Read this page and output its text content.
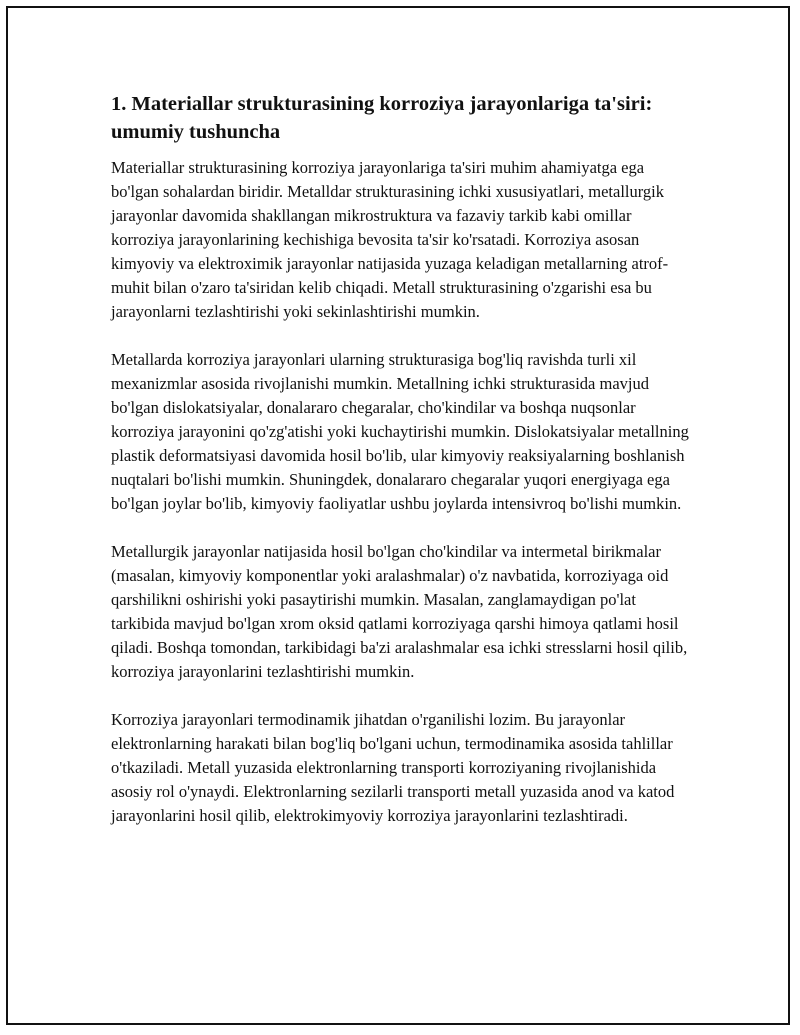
1. Materiallar strukturasining korroziya jarayonlariga ta'siri: umumiy tushuncha

Materiallar strukturasining korroziya jarayonlariga ta'siri muhim ahamiyatga ega bo'lgan sohalardan biridir. Metalldar strukturasining ichki xususiyatlari, metallurgik jarayonlar davomida shakllangan mikrostruktura va fazaviy tarkib kabi omillar korroziya jarayonlarining kechishiga bevosita ta'sir ko'rsatadi. Korroziya asosan kimyoviy va elektroximik jarayonlar natijasida yuzaga keladigan metallarning atrof-muhit bilan o'zaro ta'siridan kelib chiqadi. Metall strukturasining o'zgarishi esa bu jarayonlarni tezlashtirishi yoki sekinlashtirishi mumkin.

Metallarda korroziya jarayonlari ularning strukturasiga bog'liq ravishda turli xil mexanizmlar asosida rivojlanishi mumkin. Metallning ichki strukturasida mavjud bo'lgan dislokatsiyalar, donalararo chegaralar, cho'kindilar va boshqa nuqsonlar korroziya jarayonini qo'zg'atishi yoki kuchaytirishi mumkin. Dislokatsiyalar metallning plastik deformatsiyasi davomida hosil bo'lib, ular kimyoviy reaksiyalarning boshlanish nuqtalari bo'lishi mumkin. Shuningdek, donalararo chegaralar yuqori energiyaga ega bo'lgan joylar bo'lib, kimyoviy faoliyatlar ushbu joylarda intensivroq bo'lishi mumkin.

Metallurgik jarayonlar natijasida hosil bo'lgan cho'kindilar va intermetal birikmalar (masalan, kimyoviy komponentlar yoki aralashmalar) o'z navbatida, korroziyaga oid qarshilikni oshirishi yoki pasaytirishi mumkin. Masalan, zanglamaydigan po'lat tarkibida mavjud bo'lgan xrom oksid qatlami korroziyaga qarshi himoya qatlami hosil qiladi. Boshqa tomondan, tarkibidagi ba'zi aralashmalar esa ichki stresslarni hosil qilib, korroziya jarayonlarini tezlashtirishi mumkin.

Korroziya jarayonlari termodinamik jihatdan o'rganilishi lozim. Bu jarayonlar elektronlarning harakati bilan bog'liq bo'lgani uchun, termodinamika asosida tahlillar o'tkaziladi. Metall yuzasida elektronlarning transporti korroziyaning rivojlanishida asosiy rol o'ynaydi. Elektronlarning sezilarli transporti metall yuzasida anod va katod jarayonlarini hosil qilib, elektrokimyoviy korroziya jarayonlarini tezlashtiradi.
